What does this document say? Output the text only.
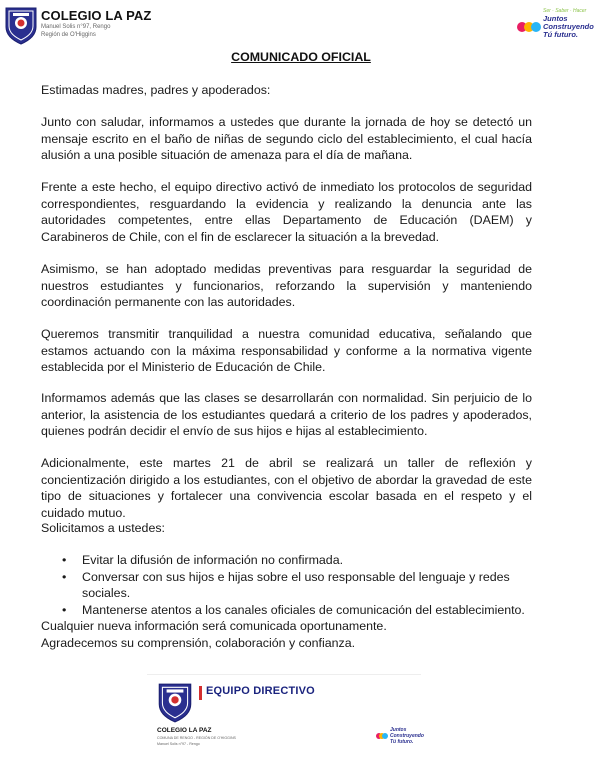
COLEGIO LA PAZ
Manuel Solis n°97, Rengo
Región de O'Higgins
Ser · Saber · Hacer
Juntos
Construyendo
Tú futuro.
COMUNICADO OFICIAL
Estimadas madres, padres y apoderados:
Junto con saludar, informamos a ustedes que durante la jornada de hoy se detectó un mensaje escrito en el baño de niñas de segundo ciclo del establecimiento, el cual hacía alusión a una posible situación de amenaza para el día de mañana.
Frente a este hecho, el equipo directivo activó de inmediato los protocolos de seguridad correspondientes, resguardando la evidencia y realizando la denuncia ante las autoridades competentes, entre ellas Departamento de Educación (DAEM) y Carabineros de Chile, con el fin de esclarecer la situación a la brevedad.
Asimismo, se han adoptado medidas preventivas para resguardar la seguridad de nuestros estudiantes y funcionarios, reforzando la supervisión y manteniendo coordinación permanente con las autoridades.
Queremos transmitir tranquilidad a nuestra comunidad educativa, señalando que estamos actuando con la máxima responsabilidad y conforme a la normativa vigente establecida por el Ministerio de Educación de Chile.
Informamos además que las clases se desarrollarán con normalidad. Sin perjuicio de lo anterior, la asistencia de los estudiantes quedará a criterio de los padres y apoderados, quienes podrán decidir el envío de sus hijos e hijas al establecimiento.
Adicionalmente, este martes 21 de abril se realizará un taller de reflexión y concientización dirigido a los estudiantes, con el objetivo de abordar la gravedad de este tipo de situaciones y fortalecer una convivencia escolar basada en el respeto y el cuidado mutuo.
Solicitamos a ustedes:
• Evitar la difusión de información no confirmada.
• Conversar con sus hijos e hijas sobre el uso responsable del lenguaje y redes sociales.
• Mantenerse atentos a los canales oficiales de comunicación del establecimiento.
Cualquier nueva información será comunicada oportunamente.
Agradecemos su comprensión, colaboración y confianza.
EQUIPO DIRECTIVO
COLEGIO LA PAZ
COMUNA DE RENGO - REGIÓN DE O'HIGGINS
Manuel Solis n°97 - Rengo
Juntos
Construyendo
Tú futuro.
